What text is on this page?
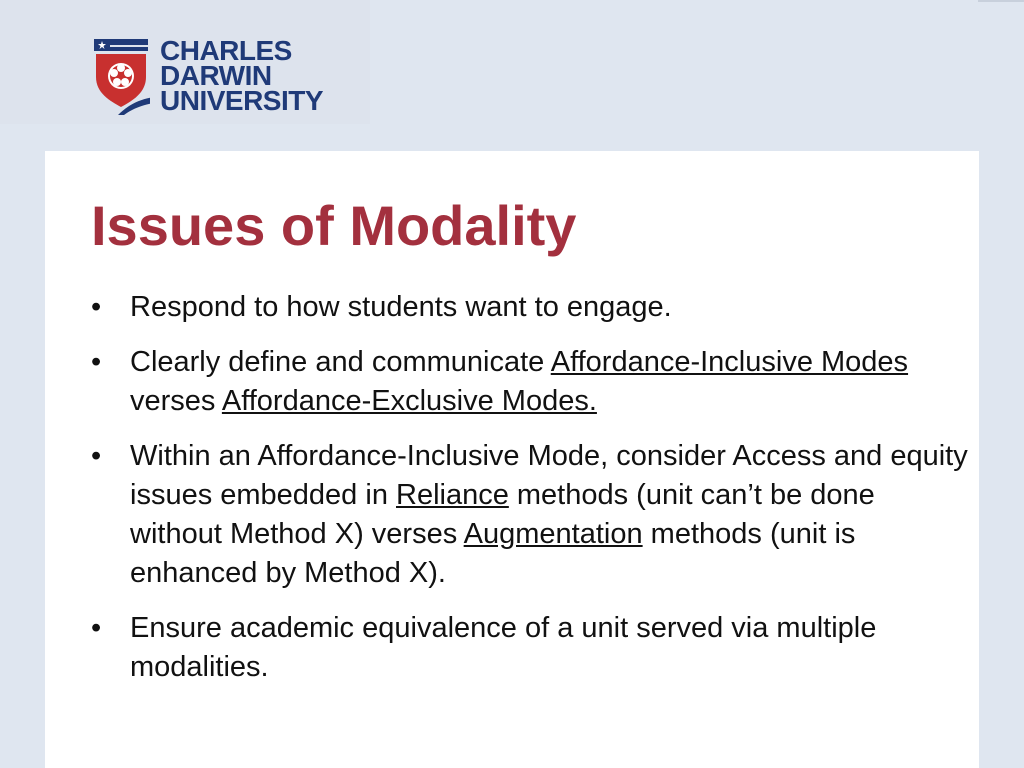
CHARLES
DARWIN
UNIVERSITY
Issues of Modality
• Respond to how students want to engage.
• Clearly define and communicate Affordance-Inclusive Modes verses Affordance-Exclusive Modes.
• Within an Affordance-Inclusive Mode, consider Access and equity issues embedded in Reliance methods (unit can’t be done without Method X) verses Augmentation methods (unit is enhanced by Method X).
• Ensure academic equivalence of a unit served via multiple modalities.
